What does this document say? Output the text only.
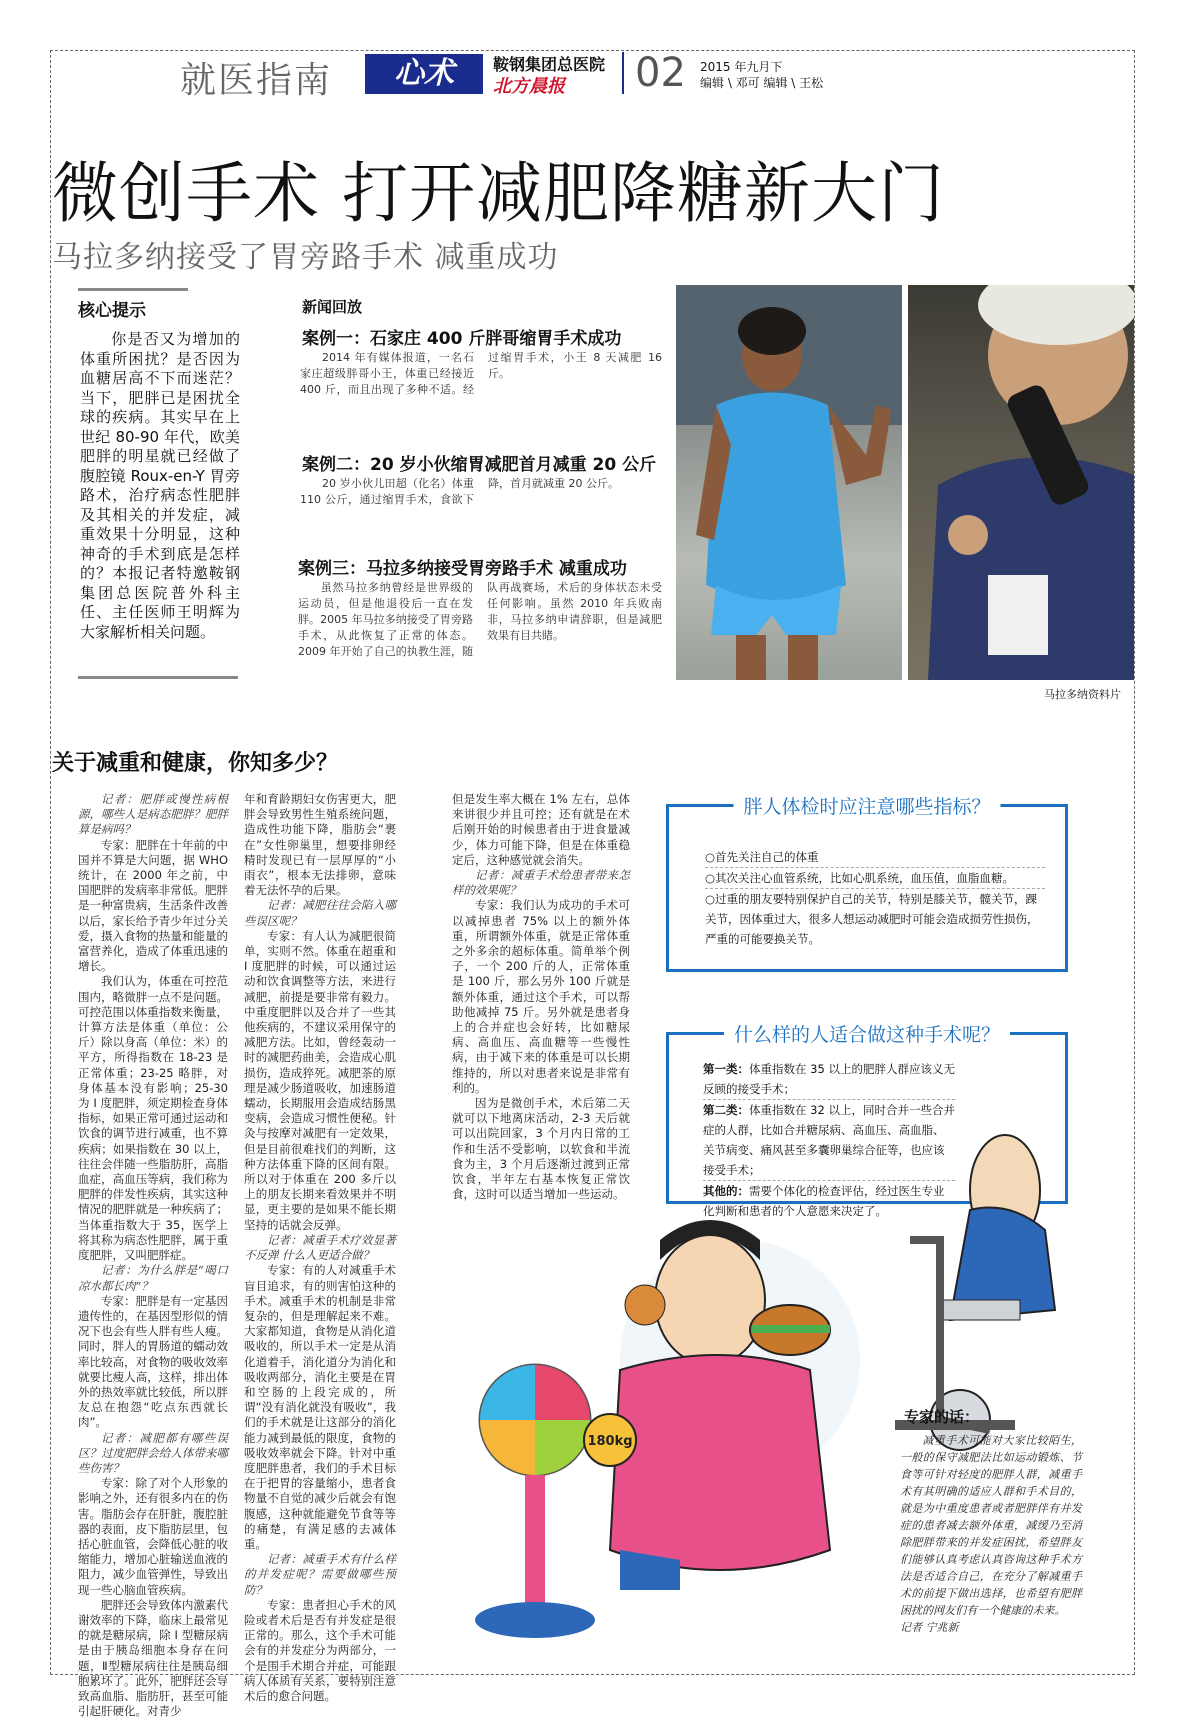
就医指南	心术	鞍钢集团总医院
北方晨报 02 2015 年九月下
编辑 \ 邓可 编辑 \ 王松
微创手术 打开减肥降糖新大门
马拉多纳接受了胃旁路手术 减重成功
核心提示
你是否又为增加的体重所困扰？是否因为血糖居高不下而迷茫？当下，肥胖已是困扰全球的疾病。其实早在上世纪 80-90 年代，欧美肥胖的明星就已经做了腹腔镜 Roux-en-Y 胃旁路术，治疗病态性肥胖及其相关的并发症，减重效果十分明显，这种神奇的手术到底是怎样的？本报记者特邀鞍钢集团总医院普外科主任、主任医师王明辉为大家解析相关问题。
新闻回放
案例一：石家庄 400 斤胖哥缩胃手术成功
2014 年有媒体报道，一名石家庄超级胖哥小王，体重已经接近 400 斤，而且出现了多种不适。经过缩胃手术，小王 8 天减肥 16 斤。
案例二：20 岁小伙缩胃减肥首月减重 20 公斤
20 岁小伙儿田超（化名）体重 110 公斤，通过缩胃手术，食欲下降，首月就减重 20 公斤。
案例三：马拉多纳接受胃旁路手术 减重成功
虽然马拉多纳曾经是世界级的运动员，但是他退役后一直在发胖。2005 年马拉多纳接受了胃旁路手术，从此恢复了正常的体态。2009 年开始了自己的执教生涯，随队再战赛场，术后的身体状态未受任何影响。虽然 2010 年兵败南非，马拉多纳申请辞职，但是减肥效果有目共睹。
马拉多纳资料片
关于减重和健康，你知多少？

记者：肥胖或慢性病根源，哪些人是病态肥胖？肥胖算是病吗？

专家：肥胖在十年前的中国并不算是大问题，据 WHO 统计，在 2000 年之前，中国肥胖的发病率非常低。肥胖是一种富贵病，生活条件改善以后，家长给予青少年过分关爱，摄入食物的热量和能量的富营养化，造成了体重迅速的增长。

我们认为，体重在可控范围内，略微胖一点不是问题。可控范围以体重指数来衡量，计算方法是体重（单位：公斤）除以身高（单位：米）的平方，所得指数在 18-23 是正常体重；23-25 略胖，对身体基本没有影响；25-30 为 I 度肥胖，须定期检查身体指标，如果正常可通过运动和饮食的调节进行减重，也不算疾病；如果指数在 30 以上，往往会伴随一些脂肪肝，高脂血症，高血压等病，我们称为肥胖的伴发性疾病，其实这种情况的肥胖就是一种疾病了；当体重指数大于 35，医学上将其称为病态性肥胖，属于重度肥胖，又叫肥胖症。

记者：为什么胖是“喝口凉水都长肉”？

专家：肥胖是有一定基因遗传性的，在基因型形似的情况下也会有些人胖有些人瘦。同时，胖人的胃肠道的蠕动效率比较高，对食物的吸收效率就要比瘦人高，这样，排出体外的热效率就比较低，所以胖友总在抱怨“吃点东西就长肉”。

记者：减肥都有哪些误区？过度肥胖会给人体带来哪些伤害？

专家：除了对个人形象的影响之外，还有很多内在的伤害。脂肪会存在肝脏，腹腔脏器的表面，皮下脂肪层里，包括心脏血管，会降低心脏的收缩能力，增加心脏输送血液的阻力，减少血管弹性，导致出现一些心脑血管疾病。

肥胖还会导致体内激素代谢效率的下降，临床上最常见的就是糖尿病，除 I 型糖尿病是由于胰岛细胞本身存在问题，Ⅱ型糖尿病往往是胰岛细胞累坏了。此外，肥胖还会导致高血脂、脂肪肝，甚至可能引起肝硬化。对青少

年和育龄期妇女伤害更大，肥胖会导致男性生殖系统问题，造成性功能下降，脂肪会“裹在”女性卵巢里，想要排卵经精时发现已有一层厚厚的“小雨衣”，根本无法排卵，意味着无法怀孕的后果。

记者：减肥往往会陷入哪些误区呢？

专家：有人认为减肥很简单，实则不然。体重在超重和 I 度肥胖的时候，可以通过运动和饮食调整等方法，来进行减肥，前提是要非常有毅力。中重度肥胖以及合并了一些其他疾病的，不建议采用保守的减肥方法。比如，曾经轰动一时的减肥药曲美，会造成心肌损伤，造成猝死。减肥茶的原理是减少肠道吸收，加速肠道蠕动，长期服用会造成结肠黑变病，会造成习惯性便秘。针灸与按摩对减肥有一定效果，但是目前很难找们的判断，这种方法体重下降的区间有限。所以对于体重在 200 多斤以上的朋友长期来看效果并不明显，更主要的是如果不能长期坚持的话就会反弹。

记者：减重手术疗效显著不反弹 什么人更适合做？

专家：有的人对减重手术盲目追求，有的则害怕这种的手术。减重手术的机制是非常复杂的，但是理解起来不难。大家都知道，食物是从消化道吸收的，所以手术一定是从消化道着手，消化道分为消化和吸收两部分，消化主要是在胃和空肠的上段完成的，所谓“没有消化就没有吸收”，我们的手术就是让这部分的消化能力减到最低的限度，食物的吸收效率就会下降。针对中重度肥胖患者，我们的手术目标在于把胃的容量缩小，患者食物量不自觉的减少后就会有饱腹感，这种就能避免节食等等的痛楚，有满足感的去减体重。

记者：减重手术有什么样的并发症呢？需要做哪些预防？

专家：患者担心手术的风险或者术后是否有并发症是很正常的。那么，这个手术可能会有的并发症分为两部分，一个是围手术期合并症，可能跟病人体质有关系，要特别注意术后的愈合问题。

但是发生率大概在 1% 左右，总体来讲很少并且可控；还有就是在术后刚开始的时候患者由于进食量减少，体力可能下降，但是在体重稳定后，这种感觉就会消失。

记者：减重手术给患者带来怎样的效果呢？

专家：我们认为成功的手术可以减掉患者 75% 以上的额外体重，所谓额外体重，就是正常体重之外多余的超标体重。简单举个例子，一个 200 斤的人，正常体重是 100 斤，那么另外 100 斤就是额外体重，通过这个手术，可以帮助他减掉 75 斤。另外就是患者身上的合并症也会好转，比如糖尿病、高血压、高血糖等一些慢性病，由于减下来的体重是可以长期维持的，所以对患者来说是非常有利的。

因为是微创手术，术后第二天就可以下地离床活动，2-3 天后就可以出院回家，3 个月内日常的工作和生活不受影响，以软食和半流食为主，3 个月后逐渐过渡到正常饮食，半年左右基本恢复正常饮食，这时可以适当增加一些运动。

胖人体检时应注意哪些指标？
○首先关注自己的体重
○其次关注心血管系统，比如心肌系统，血压值，血脂血糖。
○过重的朋友要特别保护自己的关节，特别是膝关节，髋关节，踝关节，因体重过大，很多人想运动减肥时可能会造成损劳性损伤，严重的可能要换关节。
什么样的人适合做这种手术呢？
第一类：体重指数在 35 以上的肥胖人群应该义无反顾的接受手术；
第二类：体重指数在 32 以上，同时合并一些合并症的人群，比如合并糖尿病、高血压、高血脂、关节病变、痛风甚至多囊卵巢综合征等，也应该接受手术；
其他的：需要个体化的检查评估，经过医生专业化判断和患者的个人意愿来决定了。
180kg
专家的话：
减重手术可能对大家比较陌生，一般的保守减肥法比如运动锻炼、节食等可针对轻度的肥胖人群，减重手术有其明确的适应人群和手术目的，就是为中重度患者或者肥胖伴有并发症的患者减去额外体重，减缓乃至消除肥胖带来的并发症困扰，希望胖友们能够认真考虑认真咨询这种手术方法是否适合自己，在充分了解减重手术的前提下做出选择，也希望有肥胖困扰的网友们有一个健康的未来。记者 宁兆新
